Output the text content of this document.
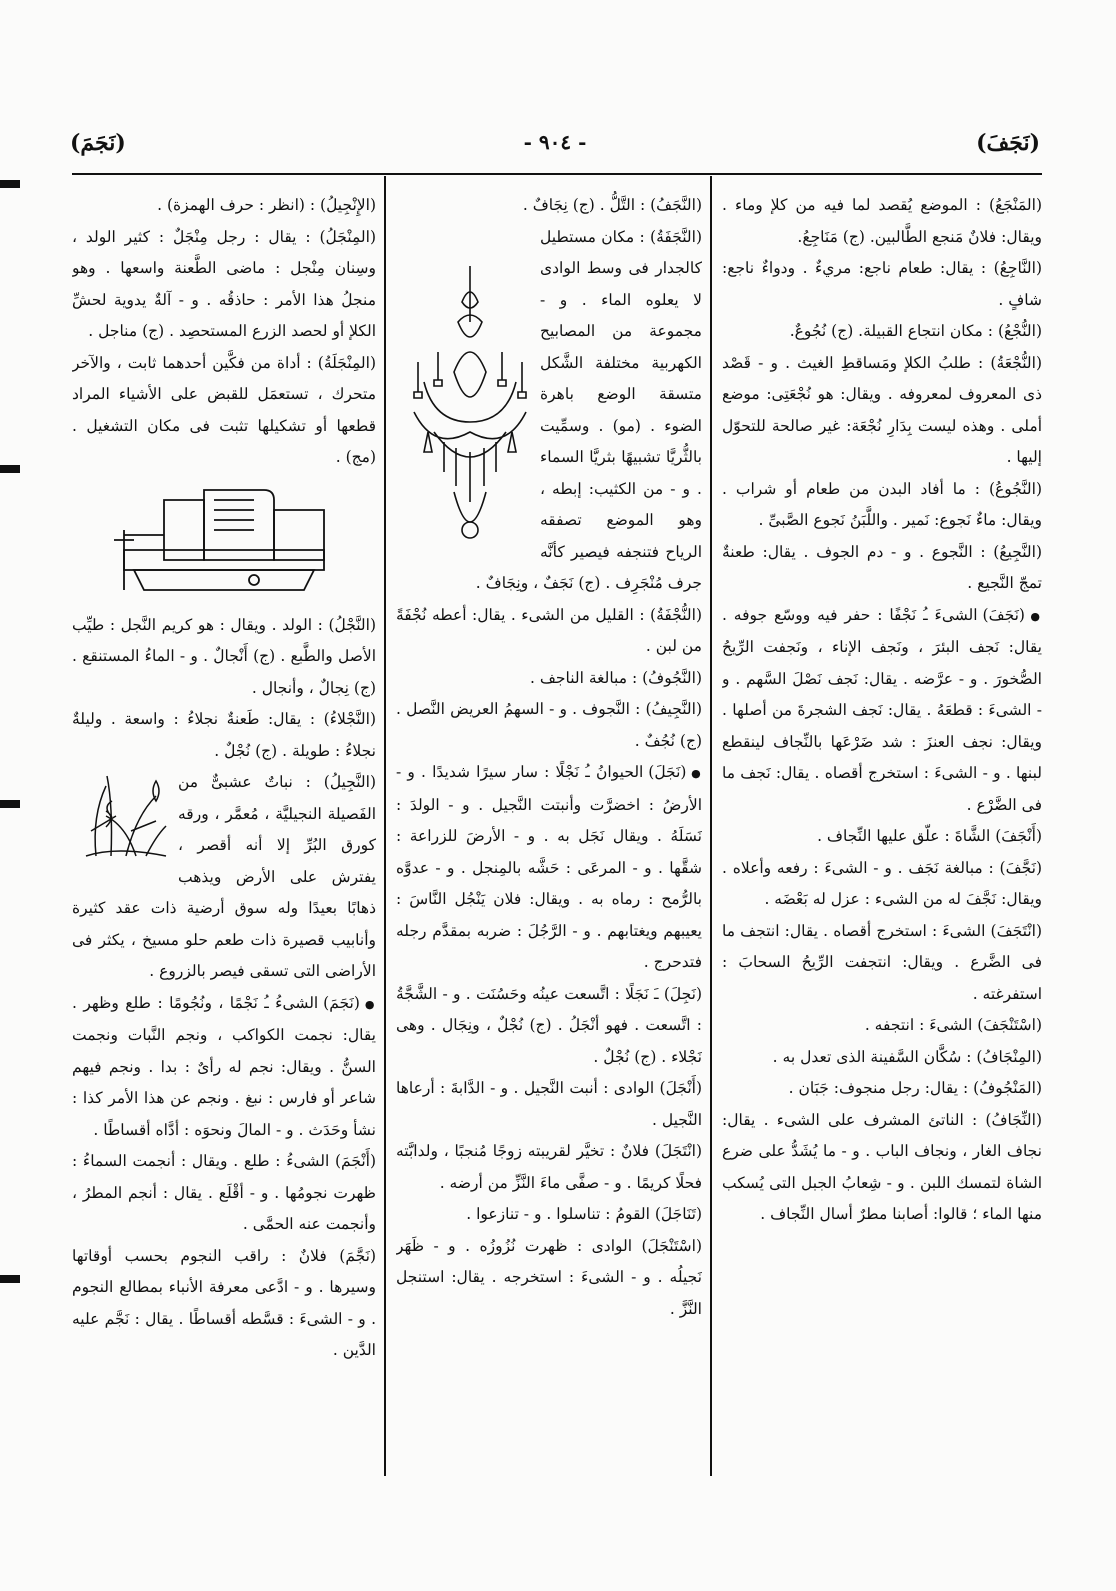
(نَجَفَ)
- ٩٠٤ -
(نَجَمَ)

(المَنْجَعُ) : الموضع يُقصد لما فيه من كلإ وماء . ويقال: فلانٌ مَنجع الطَّالبين. (ج) مَنَاجِعُ.

(النَّاجِعُ) : يقال: طعام ناجع: مريءٌ . ودواءٌ ناجع: شافٍ .

(النُّجْعُ) : مكان انتجاع القبيلة. (ج) نُجُوعٌ.

(النُّجْعَةُ) : طلبُ الكلإ ومَساقطِ الغيث . و - قَصْد ذى المعروف لمعروفه . ويقال: هو نُجْعَتِى: موضع أملى . وهذه ليست بِدَارِ نُجْعَة: غير صالحة للتحوّل إليها .

(النَّجُوعُ) : ما أفاد البدن من طعام أو شراب . ويقال: ماءٌ نَجوع: نَمير . واللَّبَنُ نَجوع الصَّبىِّ .

(النَّجِيعُ) : النَّجوع . و - دم الجوف . يقال: طعنةٌ تمجّ النَّجيع .

● (نَجَفَ) الشىءَ ـُ نَجْفًا : حفر فيه ووسّع جوفه . يقال: نَجف البئرَ ، ونَجف الإناء ، ونَجفت الرِّيحُ الصُّخورَ . و - عرَّضه . يقال: نَجف نَصْلَ السَّهم . و - الشىءَ : قطعَهُ . يقال: نَجف الشجرةَ من أصلها . ويقال: نجف العنزَ : شد ضَرْعَها بالنِّجاف لينقطع لبنها . و - الشىءَ : استخرج أقصاه . يقال: نَجف ما فى الضَّرْع .

(أَنْجَفَ) الشَّاةَ : علّق عليها النِّجاف .

(نَجَّفَ) : مبالغة نَجَف . و - الشىءَ : رفعه وأعلاه . ويقال: نَجَّفَ له من الشىء : عزل له بَعْضَه .

(انْتَجَفَ) الشىءَ : استخرج أقصاه . يقال: انتجف ما فى الضَّرع . ويقال: انتجفت الرِّيحُ السحابَ : استفرغته .

(اسْتَنْجَفَ) الشىءَ : انتجفه .

(المِنْجَافُ) : سُكَّان السَّفينة الذى تعدل به .

(المَنْجُوفُ) : يقال: رجل منجوف: جَبَان .

(النِّجَافُ) : الناتئ المشرف على الشىء . يقال: نجاف الغار ، ونجاف الباب . و - ما يُشَدُّ على ضرع الشاة لتمسك اللبن . و - شِعابُ الجبل التى يُسكب منها الماء ؛ قالوا: أصابنا مطرٌ أسال النِّجاف .

(النَّجَفُ) : التَّلُّ . (ج) نِجَافٌ .

(النَّجَفَةُ) : مكان مستطيل كالجدار فى وسط الوادى لا يعلوه الماء . و - مجموعة من المصابيح الكهربية مختلفة الشَّكل متسقة الوضع باهرة الضوء . (مو) . وسمِّيت بالثُّريَّا تشبيهًا بثريَّا السماء . و - من الكثيب: إبطه ، وهو الموضع تصفقه الرياح فتنجفه فيصير كأنَّه جرف مُنْجَرِف . (ج) نَجَفٌ ، ونِجَافٌ .

(النُّجْفَةُ) : القليل من الشىء . يقال: أعطه نُجْفَةً من لبن .

(النَّجُوفُ) : مبالغة الناجف .

(النَّجِيفُ) : النَّجوف . و - السهمُ العريض النَّصل . (ج) نُجُفٌ .

● (نَجَلَ) الحيوانُ ـُ نَجْلًا : سار سيرًا شديدًا . و - الأرضُ : اخضرَّت وأنبتت النَّجيل . و - الولدَ : نَسَلَهُ . ويقال نَجَل به . و - الأرضَ للزراعة : شقَّها . و - المرعَى : حَشَّه بالمِنجل . و - عدوَّه بالرُّمح : رماه به . ويقال: فلان يَنْجُل النَّاسَ : يعيبهم ويغتابهم . و - الرَّجُلَ : ضربه بمقدَّم رجله فتدحرج .

(نَجِلَ) ـَ نَجَلًا : اتَّسعت عينُه وحَسُنَت . و - الشَّجَّةُ : اتَّسعت . فهو أنْجَلُ . (ج) نُجْلٌ ، ونِجَال . وهى نَجْلاء . (ج) نُجْلٌ .

(أَنْجَلَ) الوادى : أنبت النَّجيل . و - الدَّابةَ : أرعاها النَّجيل .

(انْتَجَلَ) فلانٌ : تخيَّر لقريبته زوجًا مُنجبًا ، ولدابَّته فحلًا كريمًا . و - صفَّى ماءَ النَّزِّ من أرضه .

(تَنَاجَلَ) القومُ : تناسلوا . و - تنازعوا .

(اسْتَنْجَلَ) الوادى : ظهرت نُزُوزُه . و - ظَهَر نَجيلُه . و - الشىءَ : استخرجه . يقال: استنجل النَّزَّ .

(الإِنْجِيلُ) : (انظر : حرف الهمزة) .

(المِنْجَلُ) : يقال : رجل مِنْجَلٌ : كثير الولد ، وسِنان مِنْجل : ماضى الطَّعنة واسعها . وهو منجلُ هذا الأمر : حاذقُه . و - آلةٌ يدوية لحشِّ الكلإ أو لحصد الزرع المستحصِد . (ج) مناجل .

(المِنْجَلَةُ) : أداة من فكَّين أحدهما ثابت ، والآخر متحرك ، تستعمَل للقبض على الأشياء المراد قطعها أو تشكيلها تثبت فى مكان التشغيل . (مج) .

(النَّجْلُ) : الولد . ويقال : هو كريم النَّجل : طيِّب الأصل والطَّبع . (ج) أَنْجالٌ . و - الماءُ المستنقع . (ج) نِجالٌ ، وأنجال .

(النَّجْلاءُ) : يقال: طَعنةٌ نجلاءُ : واسعة . وليلةٌ نجلاءُ : طويلة . (ج) نُجْلٌ .

(النَّجِيلُ) : نباتٌ عشبىٌّ من الفَصيلة النجيليَّة ، مُعمَّر ، ورقه كورق البُرِّ إلا أنه أقصر ، يفترش على الأرض ويذهب ذهابًا بعيدًا وله سوق أرضية ذات عقد كثيرة وأنابيب قصيرة ذات طعم حلو مسيخ ، يكثر فى الأراضى التى تسقى فيصر بالزروع .

● (نَجَمَ) الشىءُ ـُ نَجْمًا ، ونُجُومًا : طلع وظهر . يقال: نجمت الكواكب ، ونجم النَّبات ونجمت السنُّ . ويقال: نجم له رأىٌ : بدا . ونجم فيهم شاعر أو فارس : نبغ . ونجم عن هذا الأمر كذا : نشأ وحَدَث . و - المالَ ونحوَه : أدَّاه أقساطًا .

(أَنْجَمَ) الشىءُ : طلع . ويقال : أنجمت السماءُ : ظهرت نجومُها . و - أقْلَع . يقال : أنجم المطرُ ، وأنجمت عنه الحمَّى .

(نَجَّمَ) فلانٌ : راقب النجوم بحسب أوقاتها وسيرها . و - ادَّعى معرفة الأنباء بمطالع النجوم . و - الشىءَ : قسَّطه أقساطًا . يقال : نَجَّم عليه الدَّين .
